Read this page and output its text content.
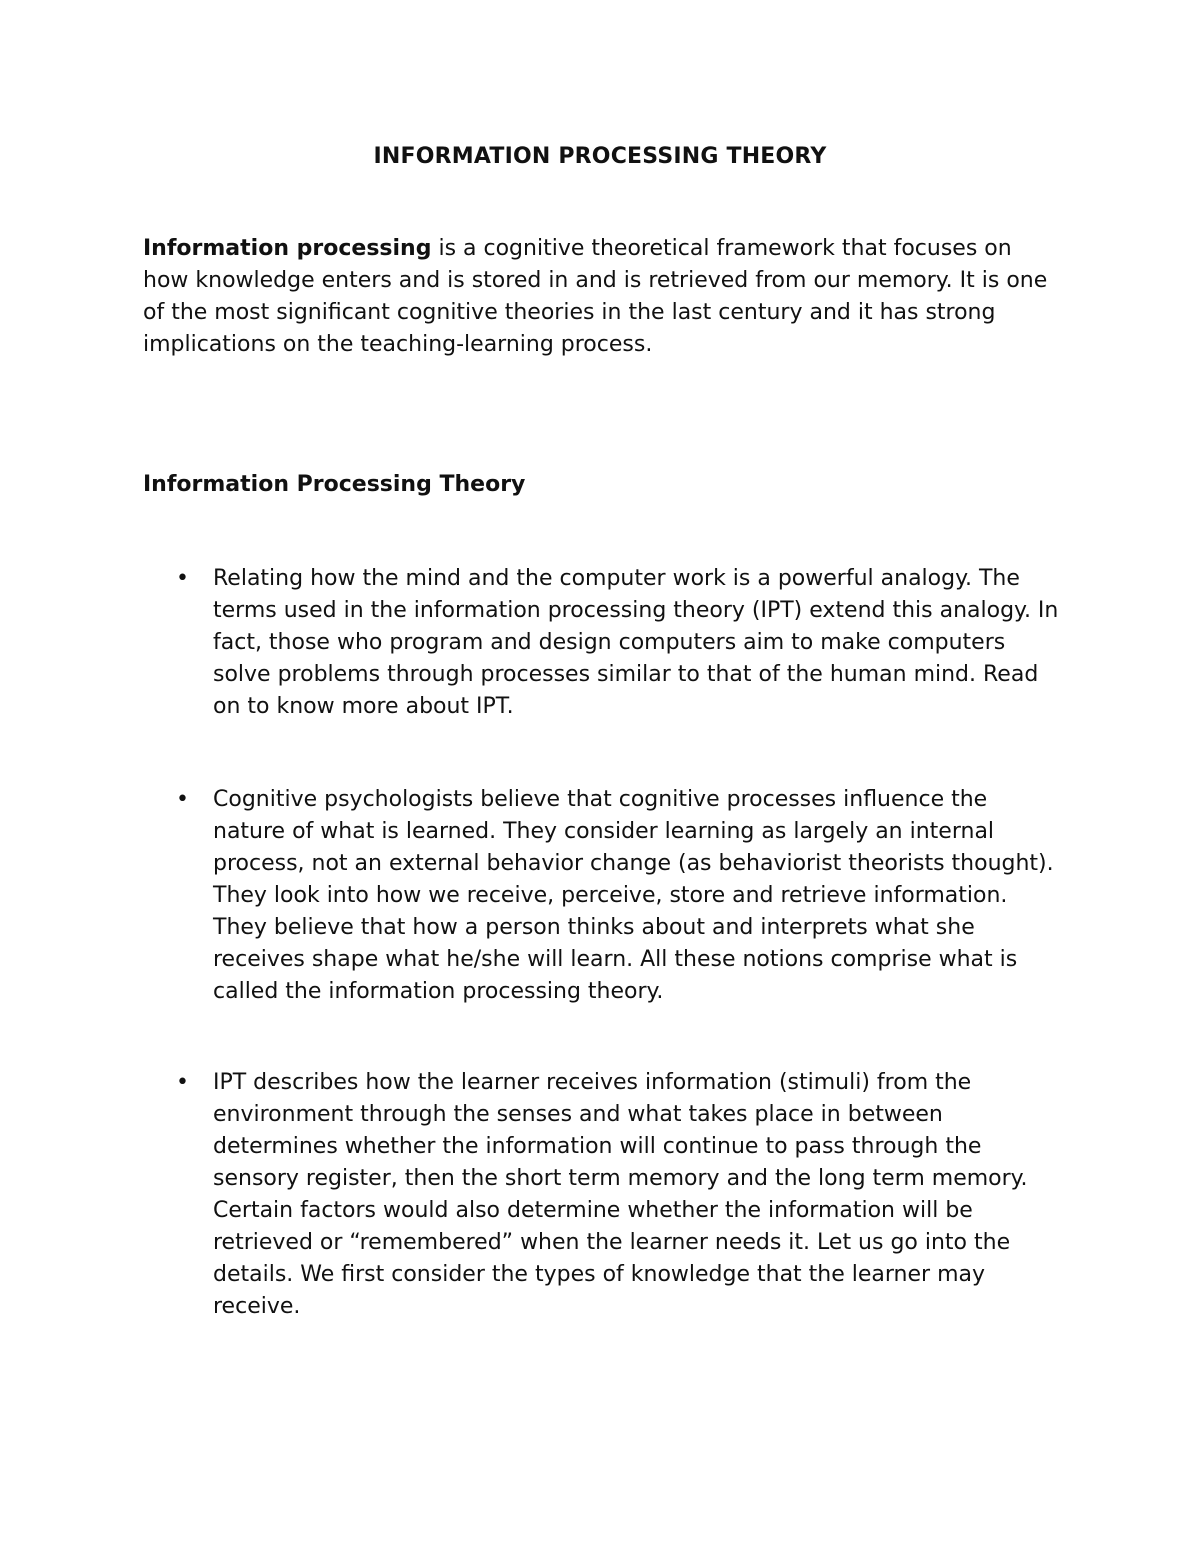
INFORMATION PROCESSING THEORY

Information processing is a cognitive theoretical framework that focuses on how knowledge enters and is stored in and is retrieved from our memory. It is one of the most significant cognitive theories in the last century and it has strong implications on the teaching-learning process.

Information Processing Theory
•	Relating how the mind and the computer work is a powerful analogy. The terms used in the information processing theory (IPT) extend this analogy. In fact, those who program and design computers aim to make computers solve problems through processes similar to that of the human mind. Read on to know more about IPT.
•	Cognitive psychologists believe that cognitive processes influence the nature of what is learned. They consider learning as largely an internal process, not an external behavior change (as behaviorist theorists thought). They look into how we receive, perceive, store and retrieve information. They believe that how a person thinks about and interprets what she receives shape what he/she will learn. All these notions comprise what is called the information processing theory.
•	IPT describes how the learner receives information (stimuli) from the environment through the senses and what takes place in between determines whether the information will continue to pass through the sensory register, then the short term memory and the long term memory. Certain factors would also determine whether the information will be retrieved or “remembered” when the learner needs it. Let us go into the details. We first consider the types of knowledge that the learner may receive.
